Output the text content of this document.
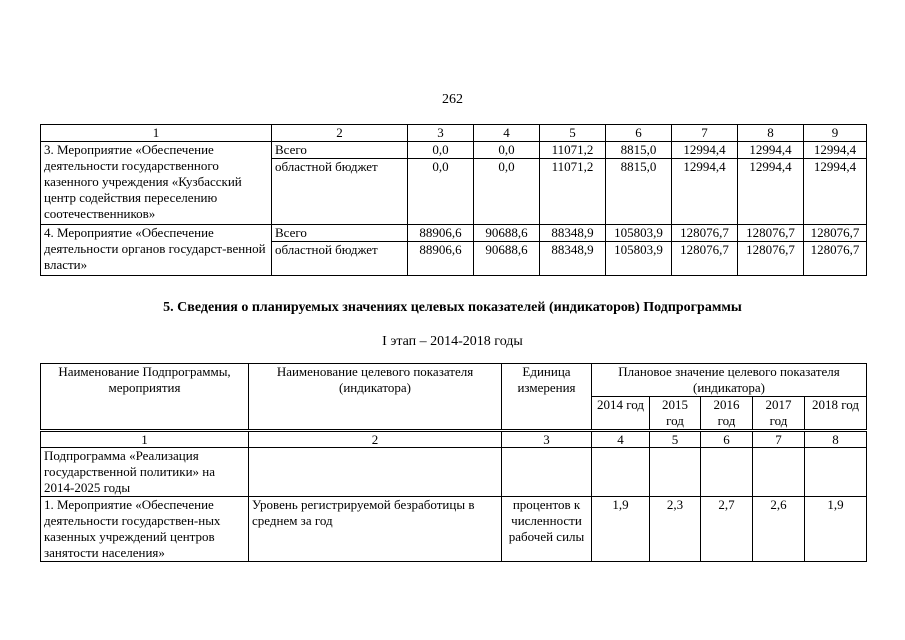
262
1	2	3	4	5	6	7	8	9
3. Мероприятие «Обеспечение деятельности государственного казенного учреждения «Кузбасский центр содействия переселению соотечественников»	Всего	0,0	0,0	11071,2	8815,0	12994,4	12994,4	12994,4
	областной бюджет	0,0	0,0	11071,2	8815,0	12994,4	12994,4	12994,4
4. Мероприятие «Обеспечение деятельности органов государст-венной власти»	Всего	88906,6	90688,6	88348,9	105803,9	128076,7	128076,7	128076,7
	областной бюджет	88906,6	90688,6	88348,9	105803,9	128076,7	128076,7	128076,7
5. Сведения о планируемых значениях целевых показателей (индикаторов) Подпрограммы
I этап – 2014-2018 годы
Наименование Подпрограммы, мероприятия	Наименование целевого показателя (индикатора)	Единица измерения	Плановое значение целевого показателя (индикатора)				
			2014 год	2015 год	2016 год	2017 год	2018 год

1	2	3	4	5	6	7	8
Подпрограмма «Реализация государственной политики» на 2014-2025 годы							
1. Мероприятие «Обеспечение деятельности государствен-ных казенных учреждений центров занятости населения»	Уровень регистрируемой безработицы в среднем за год	процентов к численности рабочей силы	1,9	2,3	2,7	2,6	1,9
